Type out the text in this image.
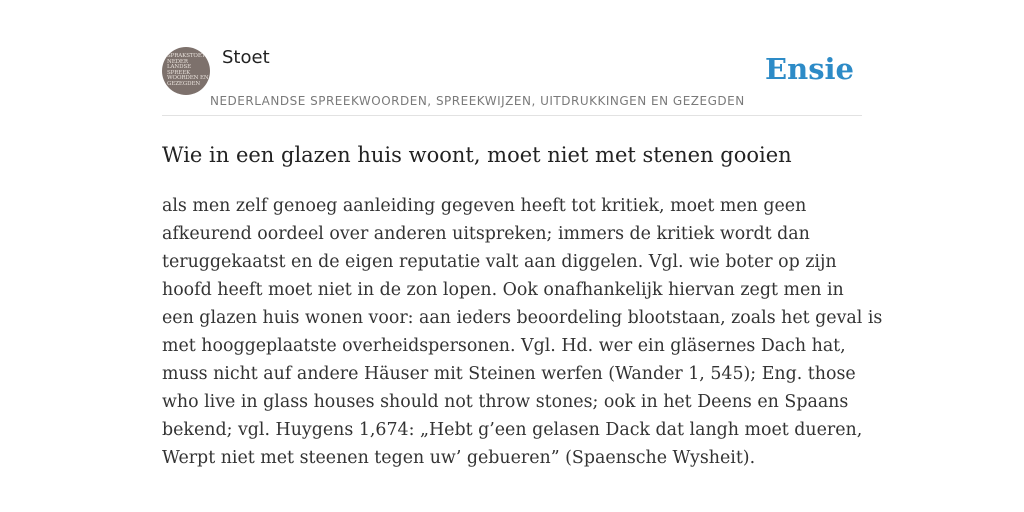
SPRAKSTOET
NEDER
LANDSE
SPREEK
WOORDEN EN
GEZEGDEN
Stoet
NEDERLANDSE SPREEKWOORDEN, SPREEKWIJZEN, UITDRUKKINGEN EN GEZEGDEN
Ensie
Wie in een glazen huis woont, moet niet met stenen gooien

als men zelf genoeg aanleiding gegeven heeft tot kritiek, moet men geen
afkeurend oordeel over anderen uitspreken; immers de kritiek wordt dan
teruggekaatst en de eigen reputatie valt aan diggelen. Vgl. wie boter op zijn
hoofd heeft moet niet in de zon lopen. Ook onafhankelijk hiervan zegt men in
een glazen huis wonen voor: aan ieders beoordeling blootstaan, zoals het geval is
met hooggeplaatste overheidspersonen. Vgl. Hd. wer ein gläsernes Dach hat,
muss nicht auf andere Häuser mit Steinen werfen (Wander 1, 545); Eng. those
who live in glass houses should not throw stones; ook in het Deens en Spaans
bekend; vgl. Huygens 1,674: „Hebt g’een gelasen Dack dat langh moet dueren,
Werpt niet met steenen tegen uw’ gebueren” (Spaensche Wysheit).
